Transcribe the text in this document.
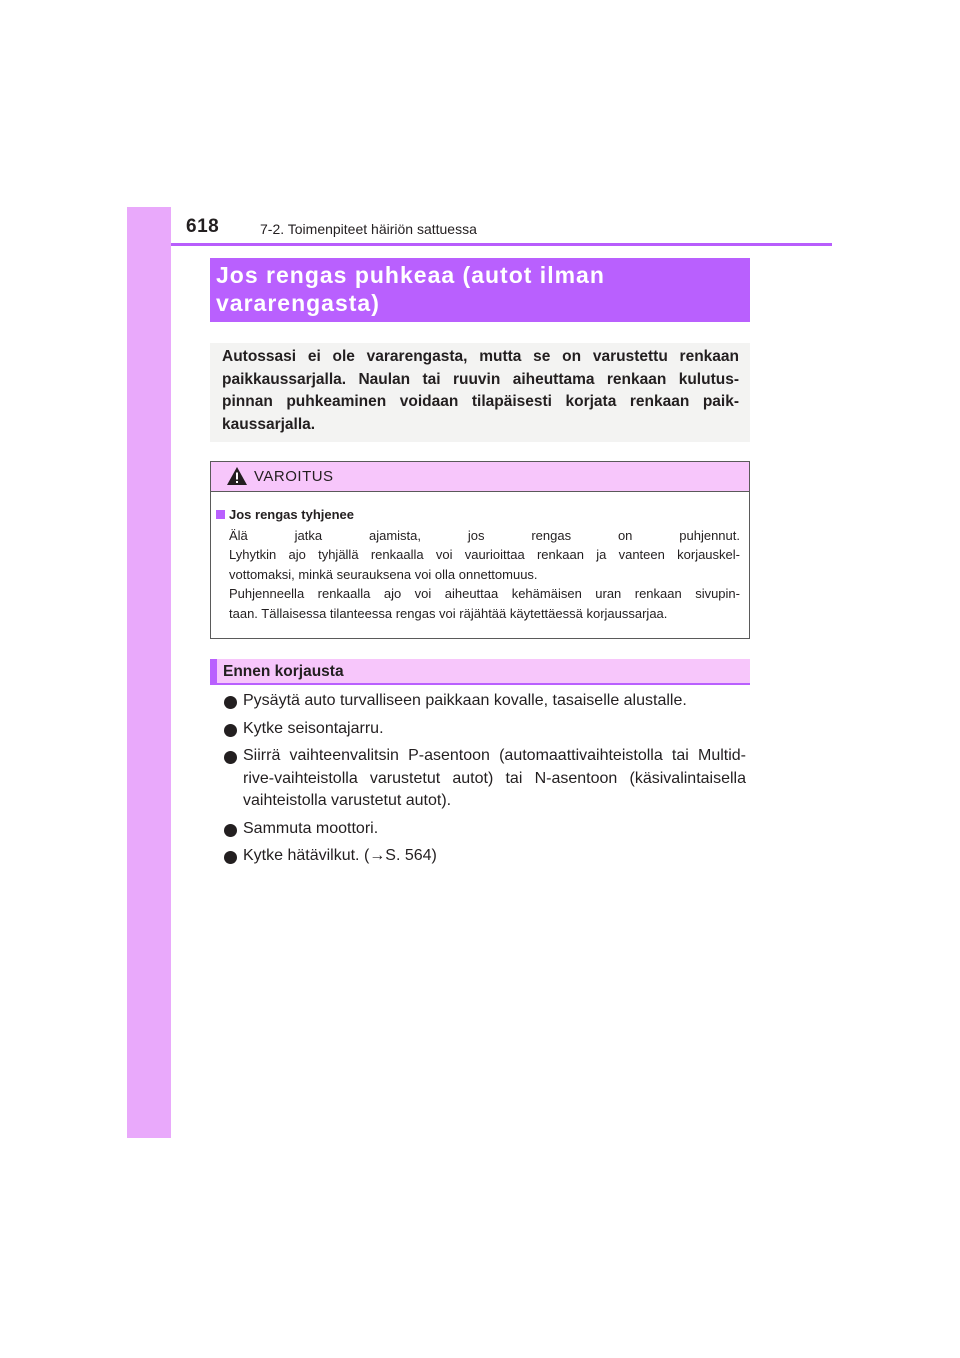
618	7-2. Toimenpiteet häiriön sattuessa
Jos rengas puhkeaa (autot ilman
vararengasta)
Autossasi ei ole vararengasta, mutta se on varustettu renkaan
paikkaussarjalla. Naulan tai ruuvin aiheuttama renkaan kulutus-
pinnan puhkeaminen voidaan tilapäisesti korjata renkaan paik-
kaussarjalla.
VAROITUS
Jos rengas tyhjenee
Älä jatka ajamista, jos rengas on puhjennut.
Lyhytkin ajo tyhjällä renkaalla voi vaurioittaa renkaan ja vanteen korjauskel-
vottomaksi, minkä seurauksena voi olla onnettomuus.
Puhjenneella renkaalla ajo voi aiheuttaa kehämäisen uran renkaan sivupin-
taan. Tällaisessa tilanteessa rengas voi räjähtää käytettäessä korjaussarjaa.
Ennen korjausta
Pysäytä auto turvalliseen paikkaan kovalle, tasaiselle alustalle.
Kytke seisontajarru.
Siirrä vaihteenvalitsin P-asentoon (automaattivaihteistolla tai Multid-
rive-vaihteistolla varustetut autot) tai N-asentoon (käsivalintaisella
vaihteistolla varustetut autot).
Sammuta moottori.
Kytke hätävilkut. (→S. 564)
